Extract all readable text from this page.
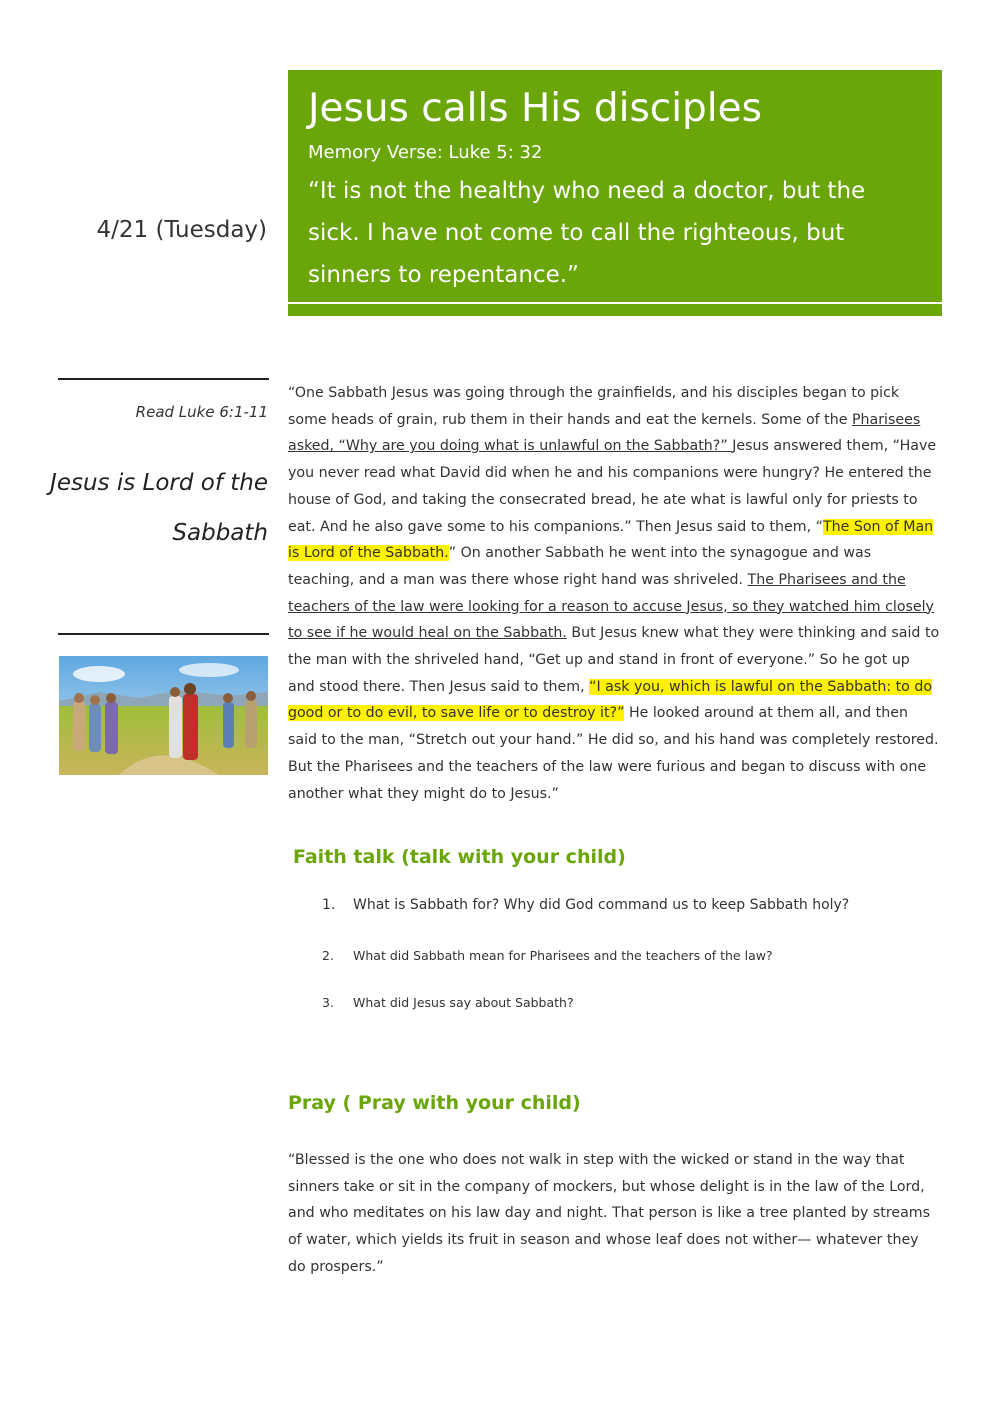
Jesus calls His disciples
Memory Verse: Luke 5: 32
“It is not the healthy who need a doctor, but the sick. I have not come to call the righteous, but sinners to repentance.”
4/21 (Tuesday)
Read Luke 6:1-11
Jesus is Lord of the Sabbath
“One Sabbath Jesus was going through the grainfields, and his disciples began to pick some heads of grain, rub them in their hands and eat the kernels. Some of the Pharisees asked, “Why are you doing what is unlawful on the Sabbath?” Jesus answered them, “Have you never read what David did when he and his companions were hungry? He entered the house of God, and taking the consecrated bread, he ate what is lawful only for priests to eat. And he also gave some to his companions.” Then Jesus said to them, “The Son of Man is Lord of the Sabbath.” On another Sabbath he went into the synagogue and was teaching, and a man was there whose right hand was shriveled. The Pharisees and the teachers of the law were looking for a reason to accuse Jesus, so they watched him closely to see if he would heal on the Sabbath. But Jesus knew what they were thinking and said to the man with the shriveled hand, “Get up and stand in front of everyone.” So he got up and stood there. Then Jesus said to them, “I ask you, which is lawful on the Sabbath: to do good or to do evil, to save life or to destroy it?” He looked around at them all, and then said to the man, “Stretch out your hand.” He did so, and his hand was completely restored. But the Pharisees and the teachers of the law were furious and began to discuss with one another what they might do to Jesus.”
Faith talk (talk with your child)
1. What is Sabbath for? Why did God command us to keep Sabbath holy?
2. What did Sabbath mean for Pharisees and the teachers of the law?
3. What did Jesus say about Sabbath?
Pray ( Pray with your child)
“Blessed is the one who does not walk in step with the wicked or stand in the way that sinners take or sit in the company of mockers, but whose delight is in the law of the Lord, and who meditates on his law day and night. That person is like a tree planted by streams of water, which yields its fruit in season and whose leaf does not wither— whatever they do prospers.”
